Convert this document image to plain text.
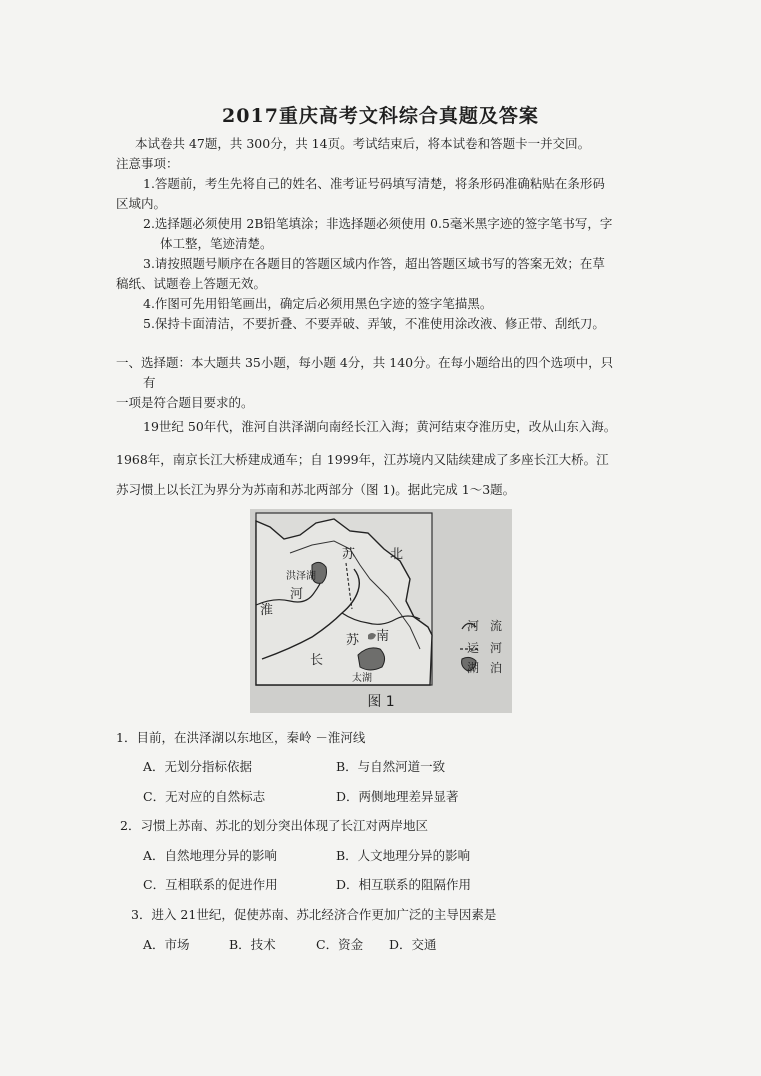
2017重庆高考文科综合真题及答案
本试卷共 47题，共 300分，共 14页。考试结束后，将本试卷和答题卡一并交回。
注意事项：
1.答题前，考生先将自己的姓名、准考证号码填写清楚，将条形码准确粘贴在条形码
区域内。
2.选择题必须使用 2B铅笔填涂；非选择题必须使用 0.5毫米黑字迹的签字笔书写，字
体工整，笔迹清楚。
3.请按照题号顺序在各题目的答题区域内作答，超出答题区域书写的答案无效；在草
稿纸、试题卷上答题无效。
4.作图可先用铅笔画出，确定后必须用黑色字迹的签字笔描黑。
5.保持卡面清洁，不要折叠、不要弄破、弄皱，不准使用涂改液、修正带、刮纸刀。
一、选择题：本大题共 35小题，每小题 4分，共 140分。在每小题给出的四个选项中，只
有
一项是符合题目要求的。
19世纪 50年代，淮河自洪泽湖向南经长江入海；黄河结束夺淮历史，改从山东入海。
1968年，南京长江大桥建成通车；自 1999年，江苏境内又陆续建成了多座长江大桥。江
苏习惯上以长江为界分为苏南和苏北两部分（图 1)。据此完成 1～3题。
苏	北
洪泽湖
河
淮
苏 南
长
太湖
河 流
运 河
湖 泊
图 1
1．目前，在洪泽湖以东地区，秦岭 －淮河线
A．无划分指标依据	B．与自然河道一致
C．无对应的自然标志	D．两侧地理差异显著
2．习惯上苏南、苏北的划分突出体现了长江对两岸地区
A．自然地理分异的影响	B．人文地理分异的影响
C．互相联系的促进作用	D．相互联系的阻隔作用
3．进入 21世纪，促使苏南、苏北经济合作更加广泛的主导因素是
A．市场	B．技术	C．资金 D．交通
